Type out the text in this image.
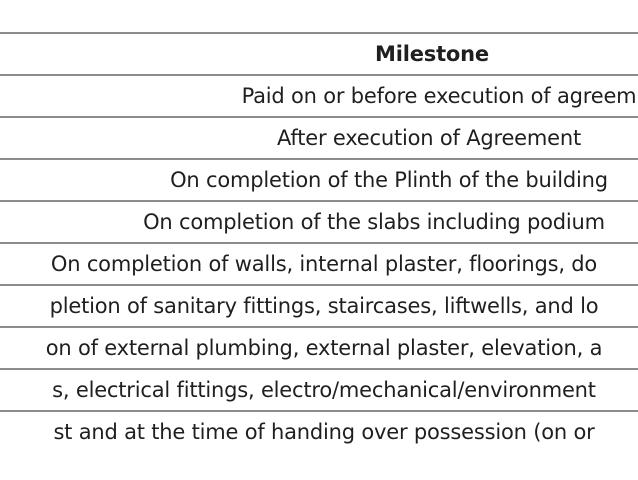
Milestone
Paid on or before execution of agreem
After execution of Agreement
On completion of the Plinth of the building
On completion of the slabs including podium
On completion of walls, internal plaster, floorings, do
pletion of sanitary fittings, staircases, liftwells, and lo
on of external plumbing, external plaster, elevation, a
s, electrical fittings, electro/mechanical/environment
st and at the time of handing over possession (on or
